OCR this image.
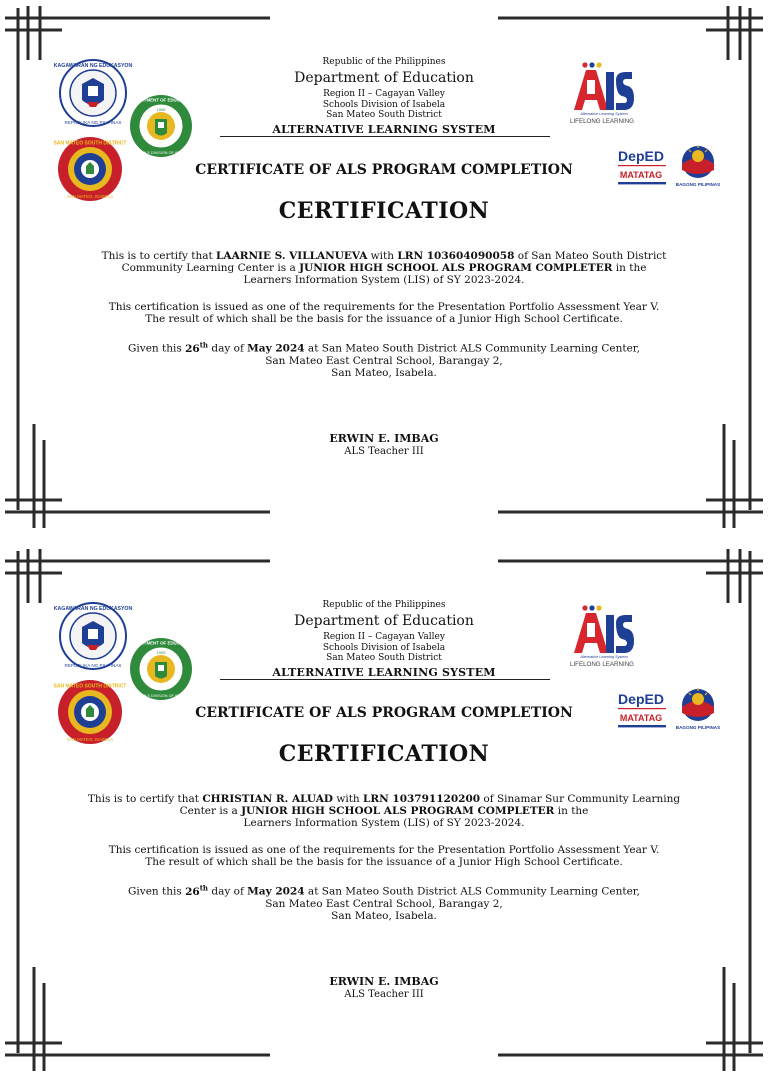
KAGAWARAN NG EDUKASYON
REPUBLIKA NG PILIPINAS
DEPARTMENT OF EDUCATION
SCHOOLS DIVISION OF ISABELA
1905
SAN MATEO SOUTH DISTRICT
SAN MATEO, ISABELA
Alternative Learning System
LIFELONG LEARNING
DepED
MATATAG
BAGONG PILIPINAS
Republic of the Philippines
Department of Education
Region II – Cagayan Valley
Schools Division of Isabela
San Mateo South District
ALTERNATIVE LEARNING SYSTEM
CERTIFICATE OF ALS PROGRAM COMPLETION
CERTIFICATION
This is to certify that LAARNIE S. VILLANUEVA with LRN 103604090058 of San Mateo South District Community Learning Center is a JUNIOR HIGH SCHOOL ALS PROGRAM COMPLETER in the
Learners Information System (LIS) of SY 2023-2024.
This certification is issued as one of the requirements for the Presentation Portfolio Assessment Year V.
The result of which shall be the basis for the issuance of a Junior High School Certificate.
Given this 26th day of May 2024 at San Mateo South District ALS Community Learning Center,
San Mateo East Central School, Barangay 2,
San Mateo, Isabela.
ERWIN E. IMBAG
ALS Teacher III
KAGAWARAN NG EDUKASYON
REPUBLIKA NG PILIPINAS
DEPARTMENT OF EDUCATION
SCHOOLS DIVISION OF ISABELA
1905
SAN MATEO SOUTH DISTRICT
SAN MATEO, ISABELA
Alternative Learning System
LIFELONG LEARNING
DepED
MATATAG
BAGONG PILIPINAS
Republic of the Philippines
Department of Education
Region II – Cagayan Valley
Schools Division of Isabela
San Mateo South District
ALTERNATIVE LEARNING SYSTEM
CERTIFICATE OF ALS PROGRAM COMPLETION
CERTIFICATION
This is to certify that CHRISTIAN R. ALUAD with LRN 103791120200 of Sinamar Sur Community Learning Center is a JUNIOR HIGH SCHOOL ALS PROGRAM COMPLETER in the
Learners Information System (LIS) of SY 2023-2024.
This certification is issued as one of the requirements for the Presentation Portfolio Assessment Year V.
The result of which shall be the basis for the issuance of a Junior High School Certificate.
Given this 26th day of May 2024 at San Mateo South District ALS Community Learning Center,
San Mateo East Central School, Barangay 2,
San Mateo, Isabela.
ERWIN E. IMBAG
ALS Teacher III
